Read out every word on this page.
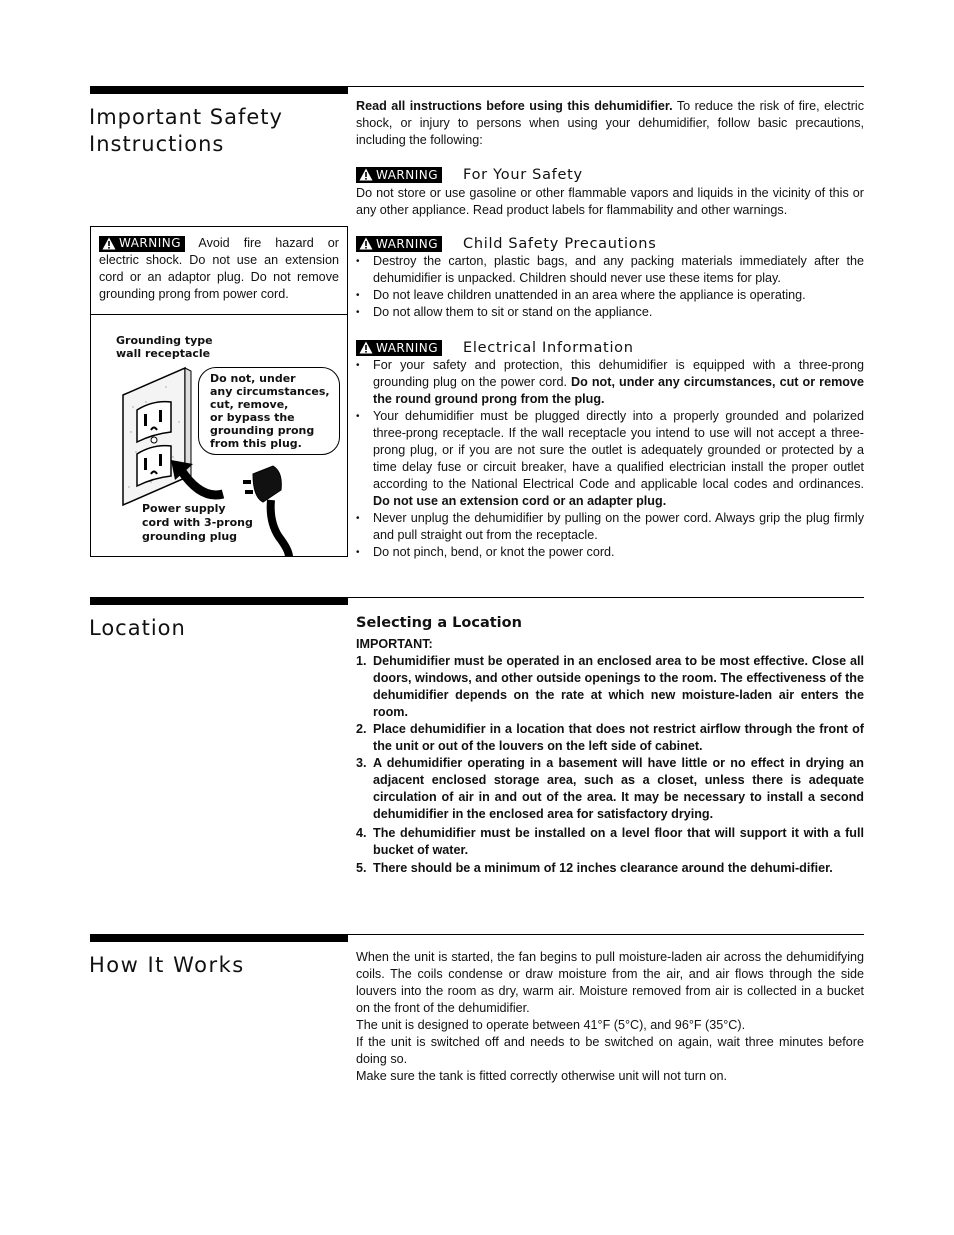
Important Safety
Instructions
Read all instructions before using this dehumidifier. To reduce the risk of fire, electric shock, or injury to persons when using your dehumidifier, follow basic precautions, including the following:
WARNING For Your Safety
Do not store or use gasoline or other flammable vapors and liquids in the vicinity of this or any other appliance. Read product labels for flammability and other warnings.
WARNING Child Safety Precautions
• Destroy the carton, plastic bags, and any packing materials immediately after the dehumidifier is unpacked. Children should never use these items for play.
• Do not leave children unattended in an area where the appliance is operating.
• Do not allow them to sit or stand on the appliance.
WARNING Electrical Information
• For your safety and protection, this dehumidifier is equipped with a three-prong grounding plug on the power cord. Do not, under any circumstances, cut or remove the round ground prong from the plug.
• Your dehumidifier must be plugged directly into a properly grounded and polarized three-prong receptacle. If the wall receptacle you intend to use will not accept a three-prong plug, or if you are not sure the outlet is adequately grounded or protected by a time delay fuse or circuit breaker, have a qualified electrician install the proper outlet according to the National Electrical Code and applicable local codes and ordinances. Do not use an extension cord or an adapter plug.
• Never unplug the dehumidifier by pulling on the power cord. Always grip the plug firmly and pull straight out from the receptacle.
• Do not pinch, bend, or knot the power cord.
WARNING Avoid fire hazard or electric shock. Do not use an extension cord or an adaptor plug. Do not remove grounding prong from power cord.
Grounding type
wall receptacle
Do not, under
any circumstances,
cut, remove,
or bypass the
grounding prong
from this plug.
Power supply
cord with 3-prong
grounding plug
Location	Selecting a Location
IMPORTANT:
1. Dehumidifier must be operated in an enclosed area to be most effective. Close all doors, windows, and other outside openings to the room. The effectiveness of the dehumidifier depends on the rate at which new moisture-laden air enters the room.
2. Place dehumidifier in a location that does not restrict airflow through the front of the unit or out of the louvers on the left side of cabinet.
3. A dehumidifier operating in a basement will have little or no effect in drying an adjacent enclosed storage area, such as a closet, unless there is adequate circulation of air in and out of the area. It may be necessary to install a second dehumidifier in the enclosed area for satisfactory drying.
4. The dehumidifier must be installed on a level floor that will support it with a full bucket of water.
5. There should be a minimum of 12 inches clearance around the dehumi-difier.
How It Works	When the unit is started, the fan begins to pull moisture-laden air across the dehumidifying coils. The coils condense or draw moisture from the air, and air flows through the side louvers into the room as dry, warm air. Moisture removed from air is collected in a bucket on the front of the dehumidifier.
The unit is designed to operate between 41°F (5°C), and 96°F (35°C).
If the unit is switched off and needs to be switched on again, wait three minutes before doing so.
Make sure the tank is fitted correctly otherwise unit will not turn on.
